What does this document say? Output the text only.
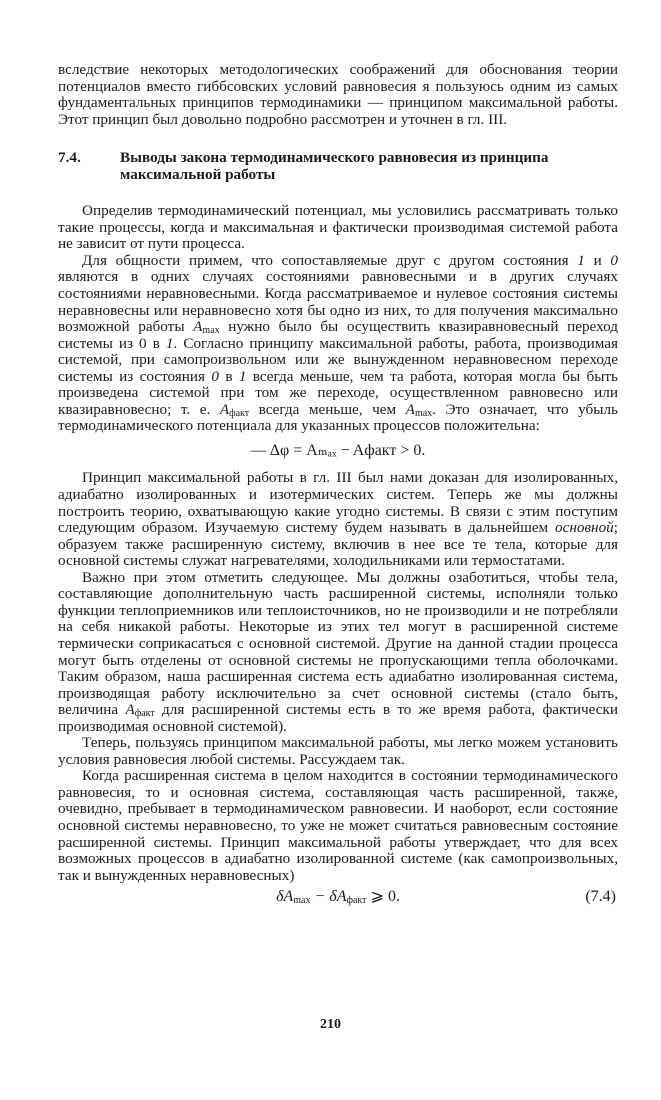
вследствие некоторых методологических соображений для обоснования теории потенциалов вместо гиббсовских условий равновесия я пользуюсь одним из самых фундаментальных принципов термодинамики — принципом максимальной работы. Этот принцип был довольно подробно рассмотрен и уточнен в гл. III.

7.4.	Выводы закона термодинамического равновесия из принципа максимальной работы

Определив термодинамический потенциал, мы условились рассматривать только такие процессы, когда и максимальная и фактически производимая системой работа не зависит от пути процесса.

Для общности примем, что сопоставляемые друг с другом состояния 1 и 0 являются в одних случаях состояниями равновесными и в других случаях состояниями неравновесными. Когда рассматриваемое и нулевое состояния системы неравновесны или неравновесно хотя бы одно из них, то для получения максимально возможной работы $A_{max}$ нужно было бы осуществить квазиравновесный переход системы из 0 в 1. Согласно принципу максимальной работы, работа, производимая системой, при самопроизвольном или же вынужденном неравновесном переходе системы из состояния 0 в 1 всегда меньше, чем та работа, которая могла бы быть произведена системой при том же переходе, осуществленном равновесно или квазиравновесно; т. е. $A_{факт}$ всегда меньше, чем $A_{max}$. Это означает, что убыль термодинамического потенциала для указанных процессов положительна:

— Δφ = Aₘₐₓ − Aфакт > 0.

Принцип максимальной работы в гл. III был нами доказан для изолированных, адиабатно изолированных и изотермических систем. Теперь же мы должны построить теорию, охватывающую какие угодно системы. В связи с этим поступим следующим образом. Изучаемую систему будем называть в дальнейшем основной; образуем также расширенную систему, включив в нее все те тела, которые для основной системы служат нагревателями, холодильниками или термостатами.

Важно при этом отметить следующее. Мы должны озаботиться, чтобы тела, составляющие дополнительную часть расширенной системы, исполняли только функции теплоприемников или теплоисточников, но не производили и не потребляли на себя никакой работы. Некоторые из этих тел могут в расширенной системе термически соприкасаться с основной системой. Другие на данной стадии процесса могут быть отделены от основной системы не пропускающими тепла оболочками. Таким образом, наша расширенная система есть адиабатно изолированная система, производящая работу исключительно за счет основной системы (стало быть, величина $A_{факт}$ для расширенной системы есть в то же время работа, фактически производимая основной системой).

Теперь, пользуясь принципом максимальной работы, мы легко можем установить условия равновесия любой системы. Рассуждаем так.

Когда расширенная система в целом находится в состоянии термодинамического равновесия, то и основная система, составляющая часть расширенной, также, очевидно, пребывает в термодинамическом равновесии. И наоборот, если состояние основной системы неравновесно, то уже не может считаться равновесным состояние расширенной системы. Принцип максимальной работы утверждает, что для всех возможных процессов в адиабатно изолированной системе (как самопроизвольных, так и вынужденных неравновесных)

$\delta A_{max} - \delta A_{факт}$ ⩾ 0.	(7.4)
210
